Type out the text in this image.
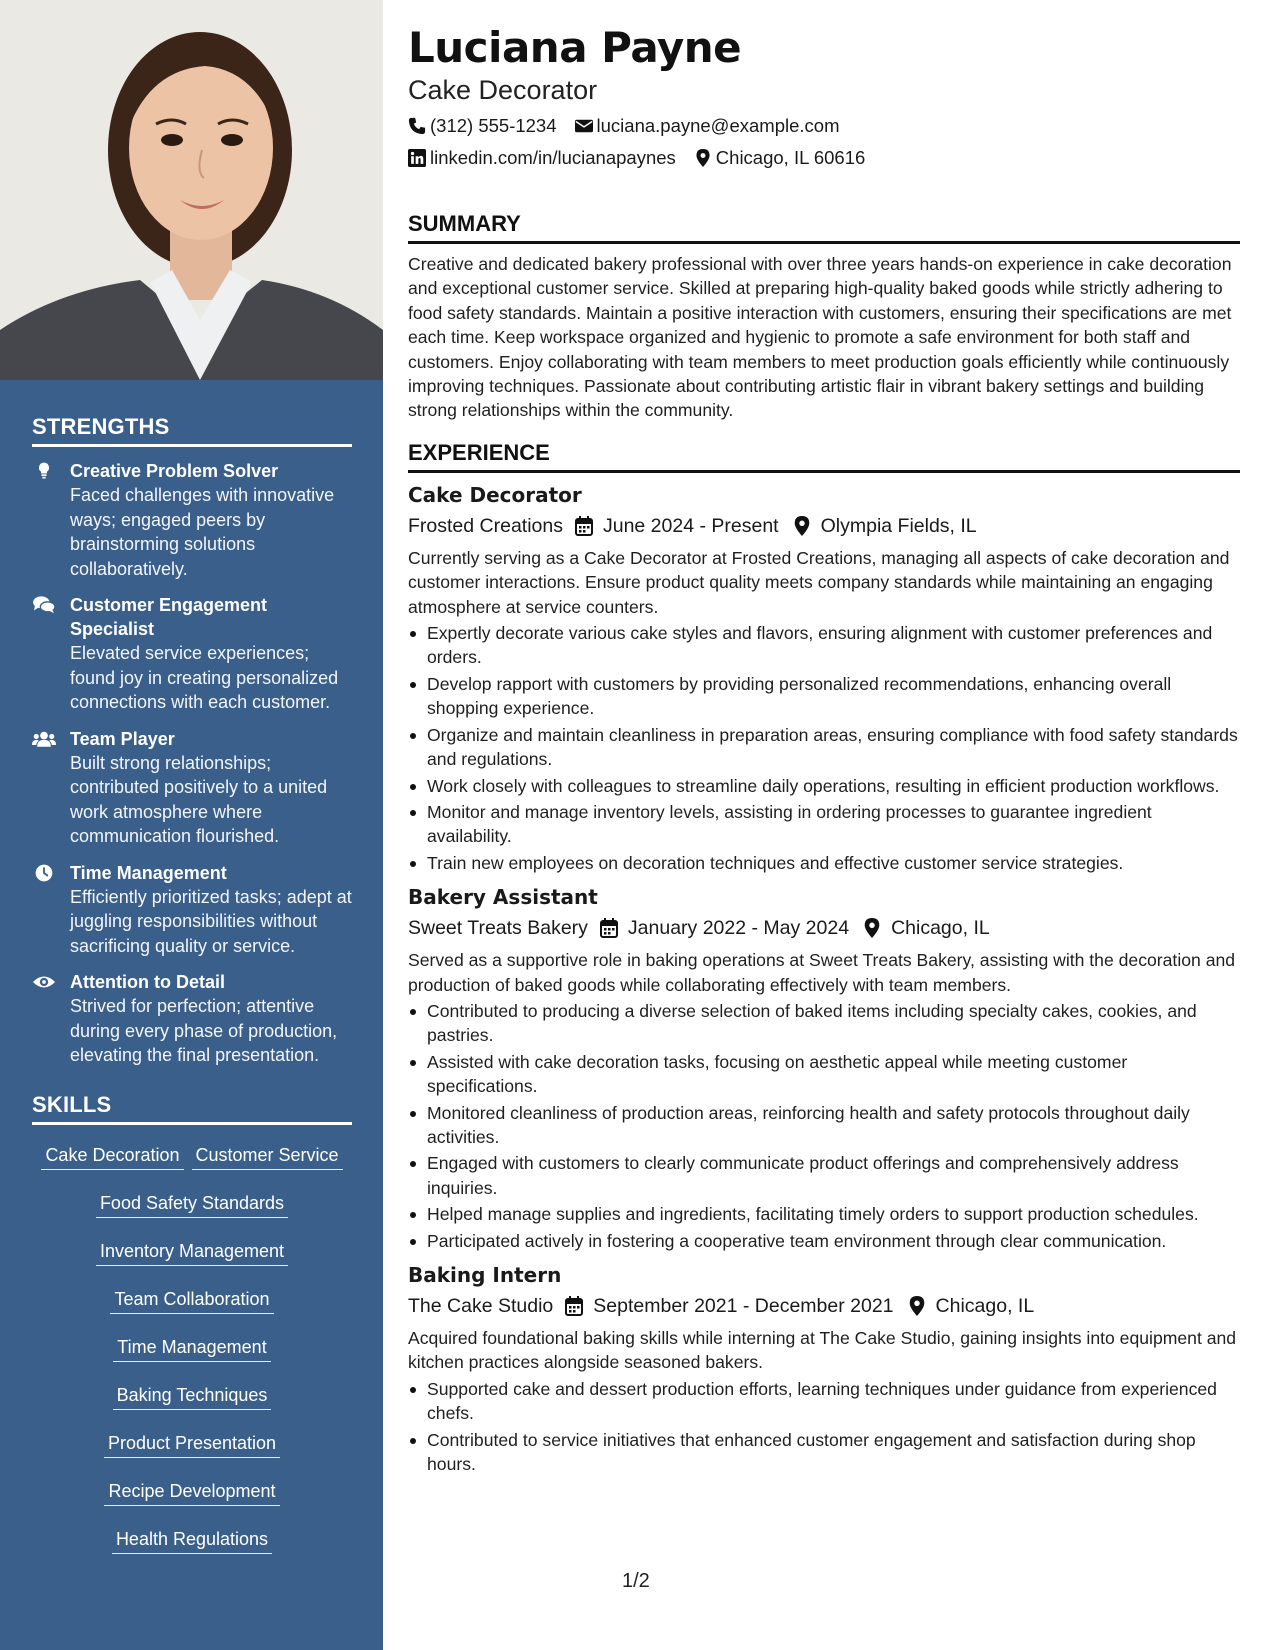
STRENGTHS
Creative Problem Solver
Faced challenges with innovative ways; engaged peers by brainstorming solutions collaboratively.
Customer Engagement Specialist
Elevated service experiences; found joy in creating personalized connections with each customer.
Team Player
Built strong relationships; contributed positively to a united work atmosphere where communication flourished.
Time Management
Efficiently prioritized tasks; adept at juggling responsibilities without sacrificing quality or service.
Attention to Detail
Strived for perfection; attentive during every phase of production, elevating the final presentation.
SKILLS
Cake Decoration Customer Service
Food Safety Standards
Inventory Management
Team Collaboration
Time Management
Baking Techniques
Product Presentation
Recipe Development
Health Regulations
Luciana Payne
Cake Decorator
(312) 555-1234 luciana.payne@example.com
linkedin.com/in/lucianapaynes Chicago, IL 60616
SUMMARY
Creative and dedicated bakery professional with over three years hands-on experience in cake decoration and exceptional customer service. Skilled at preparing high-quality baked goods while strictly adhering to food safety standards. Maintain a positive interaction with customers, ensuring their specifications are met each time. Keep workspace organized and hygienic to promote a safe environment for both staff and customers. Enjoy collaborating with team members to meet production goals efficiently while continuously improving techniques. Passionate about contributing artistic flair in vibrant bakery settings and building strong relationships within the community.
EXPERIENCE
Cake Decorator
Frosted Creations June 2024 - Present Olympia Fields, IL
Currently serving as a Cake Decorator at Frosted Creations, managing all aspects of cake decoration and customer interactions. Ensure product quality meets company standards while maintaining an engaging atmosphere at service counters.
Expertly decorate various cake styles and flavors, ensuring alignment with customer preferences and orders.
Develop rapport with customers by providing personalized recommendations, enhancing overall shopping experience.
Organize and maintain cleanliness in preparation areas, ensuring compliance with food safety standards and regulations.
Work closely with colleagues to streamline daily operations, resulting in efficient production workflows.
Monitor and manage inventory levels, assisting in ordering processes to guarantee ingredient availability.
Train new employees on decoration techniques and effective customer service strategies.
Bakery Assistant
Sweet Treats Bakery January 2022 - May 2024 Chicago, IL
Served as a supportive role in baking operations at Sweet Treats Bakery, assisting with the decoration and production of baked goods while collaborating effectively with team members.
Contributed to producing a diverse selection of baked items including specialty cakes, cookies, and pastries.
Assisted with cake decoration tasks, focusing on aesthetic appeal while meeting customer specifications.
Monitored cleanliness of production areas, reinforcing health and safety protocols throughout daily activities.
Engaged with customers to clearly communicate product offerings and comprehensively address inquiries.
Helped manage supplies and ingredients, facilitating timely orders to support production schedules.
Participated actively in fostering a cooperative team environment through clear communication.
Baking Intern
The Cake Studio September 2021 - December 2021 Chicago, IL
Acquired foundational baking skills while interning at The Cake Studio, gaining insights into equipment and kitchen practices alongside seasoned bakers.
Supported cake and dessert production efforts, learning techniques under guidance from experienced chefs.
Contributed to service initiatives that enhanced customer engagement and satisfaction during shop hours.
1/2
